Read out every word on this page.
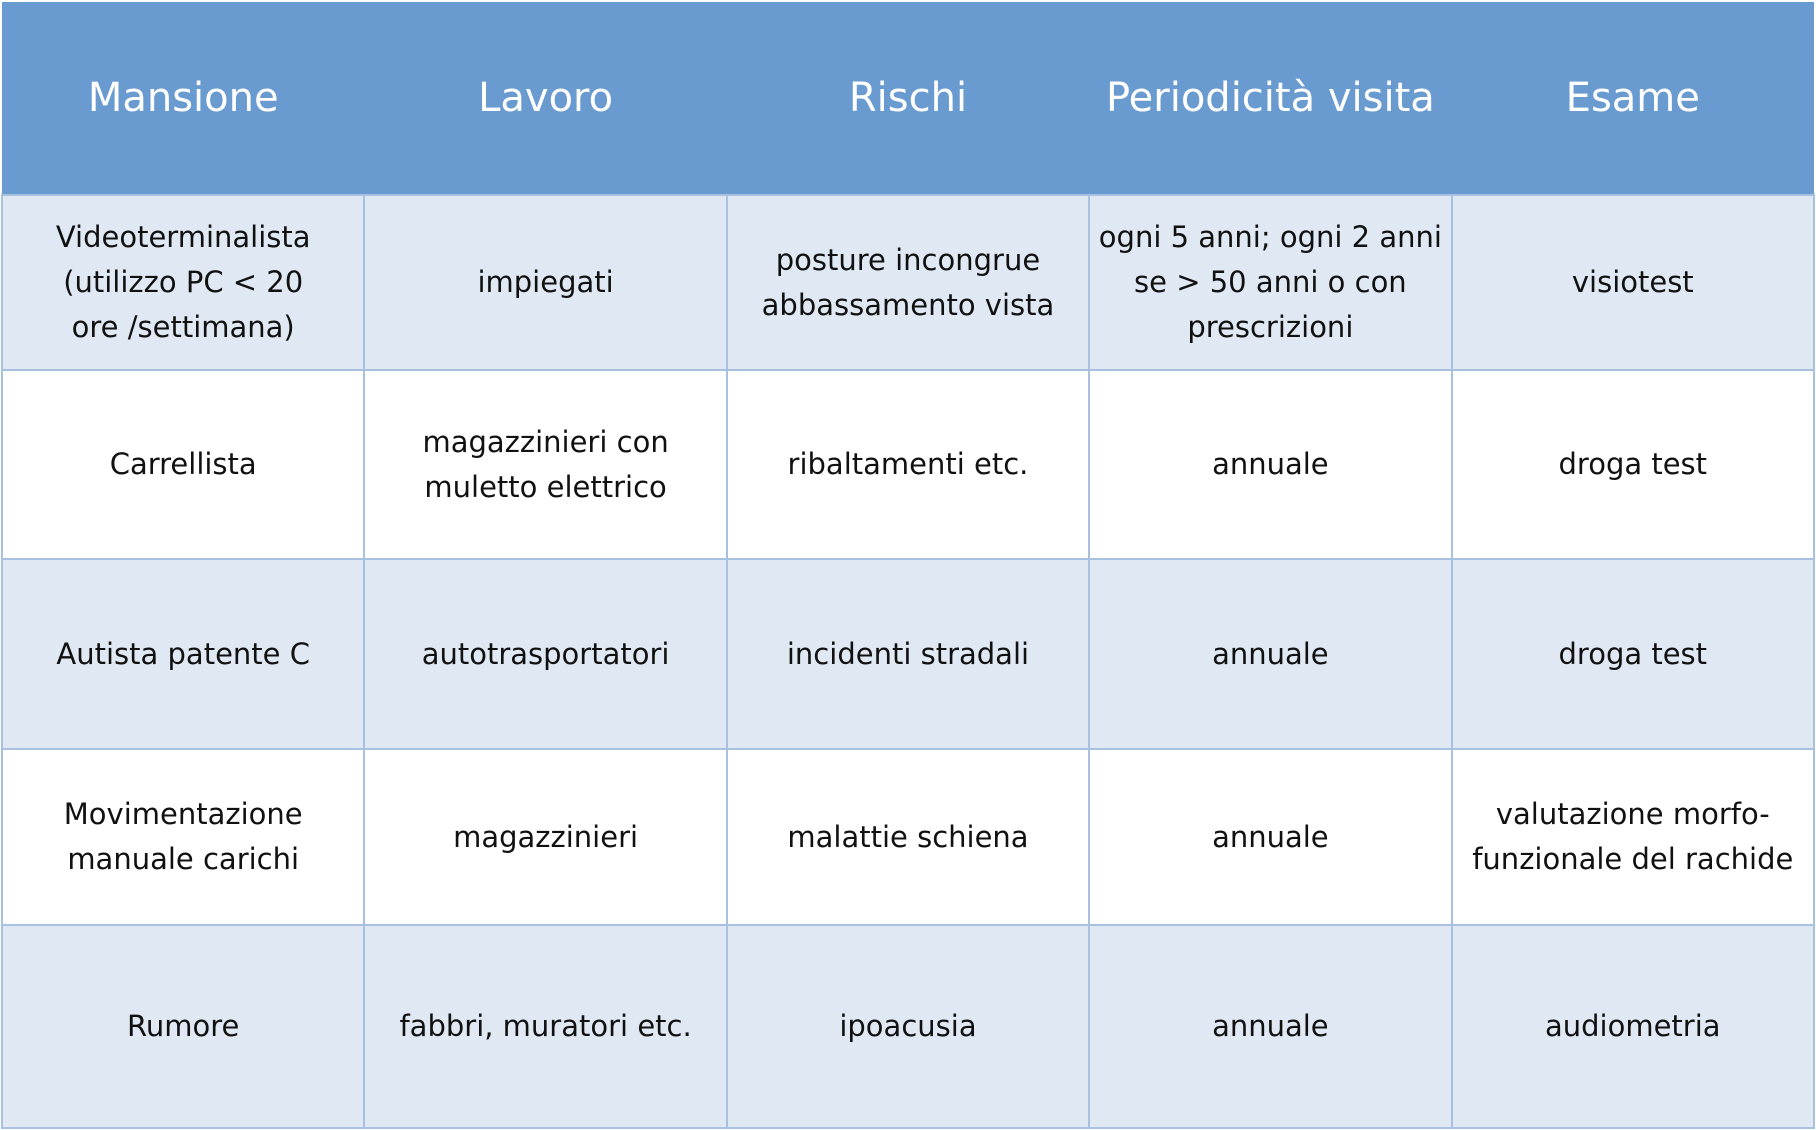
Mansione	Lavoro	Rischi	Periodicità visita	Esame
Videoterminalista (utilizzo PC < 20 ore /settimana)	impiegati	posture incongrue abbassamento vista	ogni 5 anni; ogni 2 anni se > 50 anni o con prescrizioni	visiotest
Carrellista	magazzinieri con muletto elettrico	ribaltamenti etc.	annuale	droga test
Autista patente C	autotrasportatori	incidenti stradali	annuale	droga test
Movimentazione manuale carichi	magazzinieri	malattie schiena	annuale	valutazione morfo-funzionale del rachide
Rumore	fabbri, muratori etc.	ipoacusia	annuale	audiometria
